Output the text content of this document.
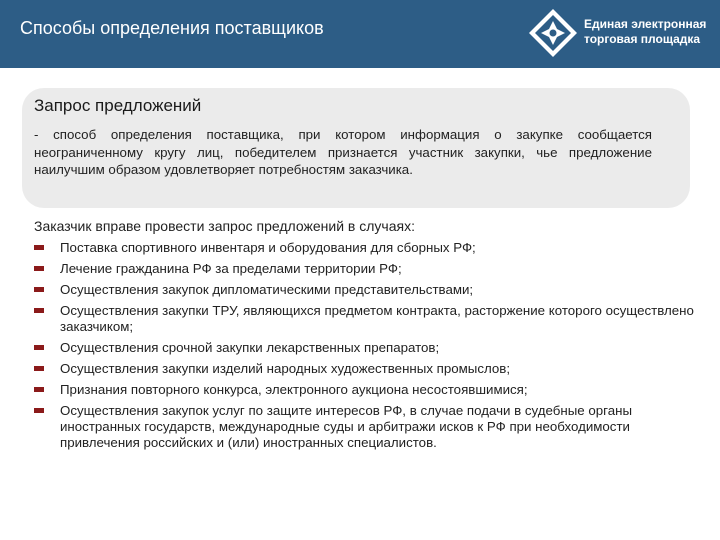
Способы определения поставщиков	Единая электронная
торговая площадка
Запрос предложений
- способ определения поставщика, при котором информация о закупке сообщается неограниченному кругу лиц, победителем признается участник закупки, чье предложение наилучшим образом удовлетворяет потребностям заказчика.
Заказчик вправе провести запрос предложений в случаях:
Поставка спортивного инвентаря и оборудования для сборных РФ;
Лечение гражданина РФ за пределами территории РФ;
Осуществления закупок дипломатическими представительствами;
Осуществления закупки ТРУ, являющихся предметом контракта, расторжение которого осуществлено заказчиком;
Осуществления срочной закупки лекарственных препаратов;
Осуществления закупки изделий народных художественных промыслов;
Признания повторного конкурса, электронного аукциона несостоявшимися;
Осуществления закупок услуг по защите интересов РФ, в случае подачи в судебные органы иностранных государств, международные суды и арбитражи исков к РФ при необходимости привлечения российских и (или) иностранных специалистов.
